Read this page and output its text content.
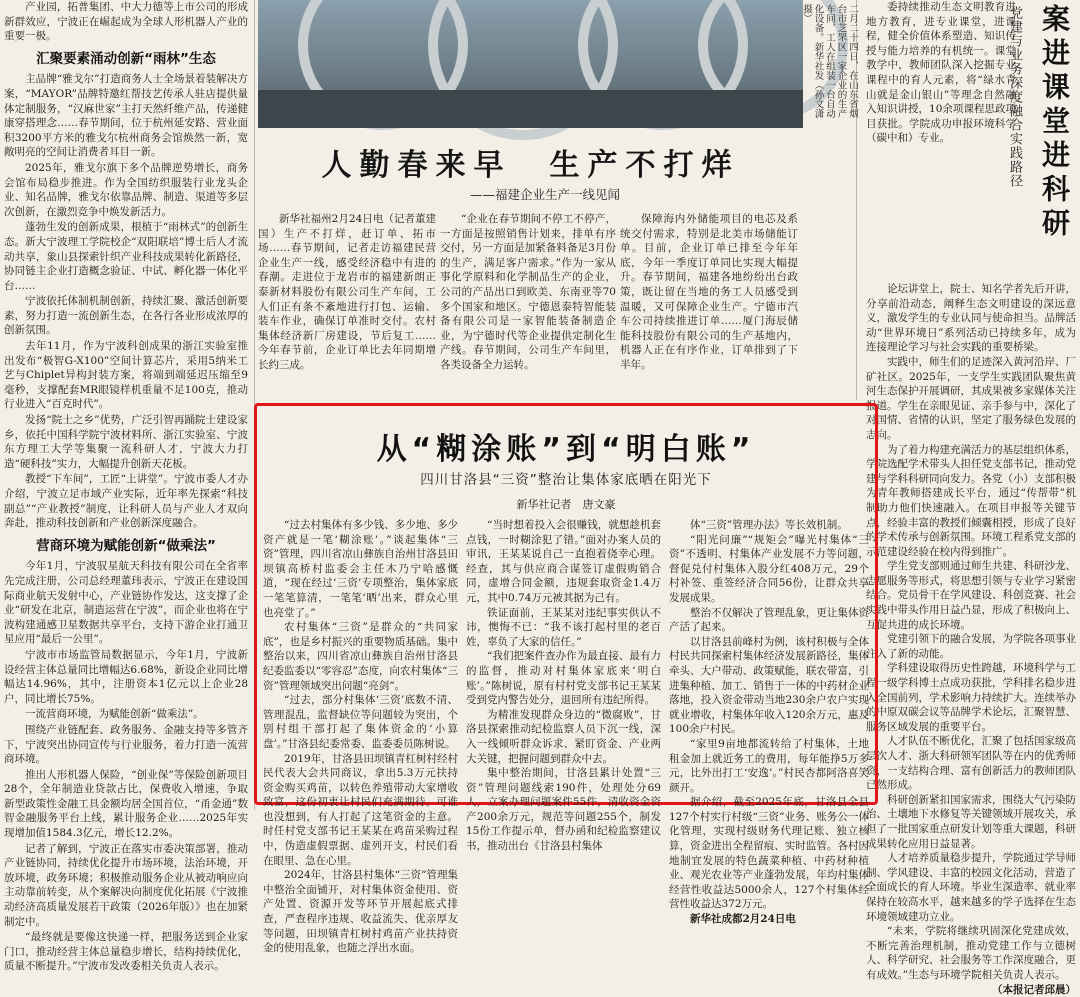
产业园，拓普集团、中大力德等上市公司的形成新群效应，宁波正在崛起成为全球人形机器人产业的重要一极。

汇聚要素涌动创新“雨林”生态

主品牌“雅戈尔”打造商务人士全场景着装解决方案，“MAYOR”品牌特邀红帮技艺传承人驻店提供量体定制服务，“汉麻世家”主打天然纤维产品，传递健康穿搭理念……春节期间，位于杭州延安路、营业面积3200平方米的雅戈尔杭州商务会馆焕然一新，宽敞明亮的空间让消费者耳目一新。

2025年，雅戈尔旗下多个品牌逆势增长，商务会馆布局稳步推进。作为全国纺织服装行业龙头企业、知名品牌，雅戈尔依靠品牌、制造、渠道等多层次创新，在激烈竞争中焕发新活力。

蓬勃生发的创新成果，根植于“雨林式”的创新生态。新大宁波理工学院校企“双阳联培”博士后人才流动共享，象山县探索针织产业科技成果转化新路径，协同链主企业打造概念验证、中试、孵化器一体化平台……

宁波依托体制机制创新，持续汇聚、激活创新要素，努力打造一流创新生态，在各行各业形成浓厚的创新氛围。

去年11月，作为宁波科创成果的浙江实验室推出发布“极智G-X100”空间计算芯片，采用5纳米工艺与Chiplet异构封装方案，将端到端延迟压缩至9毫秒，支撑配套MR眼镜样机重量不足100克，推动行业进入“百克时代”。

发扬“院士之乡”优势，广泛引智再踊院士建设家乡，依托中国科学院宁波材料所、浙江实验室、宁波东方理工大学等集聚一流科研人才，宁波大力打造“硬科技”实力，大幅提升创新天花板。

教授“下车间”，工匠“上讲堂”。宁波市委人才办介绍，宁波立足市域产业实际，近年率先探索“科技副总”“产业教授”制度，让科研人员与产业人才双向奔赴，推动科技创新和产业创新深度融合。

营商环境为赋能创新“做乘法”

今年1月，宁波驭星航天科技有限公司在全省率先完成注册，公司总经理董玮表示，宁波正在建设国际商业航天发射中心，产业链协作发达，这支撑了企业“研发在北京，制造运营在宁波”，而企业也将在宁波构建通感卫星数据共享平台，支持下游企业打通卫星应用“最后一公里”。

宁波市市场监管局数据显示，今年1月，宁波新设经营主体总量同比增幅达6.68%，新设企业同比增幅达14.96%，其中，注册资本1亿元以上企业28户，同比增长75%。

一流营商环境，为赋能创新“做乘法”。

围绕产业链配套、政务服务、金融支持等多管齐下，宁波突出协同宣传与行业服务，着力打造一流营商环境。

推出人形机器人保险，“创业保”等保险创新项目28个，全年制造业贷款占比，保费收入增速，争取新型政策性金融工具金额均居全国首位，“甬金通”数智金融服务平台上线，累计服务企业……2025年实现增加值1584.3亿元，增长12.2%。

记者了解到，宁波正在落实市委决策部署，推动产业链协同，持续优化提升市场环境，法治环境，开放环境，政务环境；积极推动服务企业从被动响应向主动靠前转变，从个案解决向制度优化拓展《宁波推动经济高质量发展若干政策（2026年版）》也在加紧制定中。

“最终就是要像这快递一样，把服务送到企业家门口，推动经营主体总量稳步增长，结构持续优化，质量不断提升。”宁波市发改委相关负责人表示。

二月二十四日，在山东省烟台市芝罘区一家企业的生产车间，工人在组装一台自动化设备。新华社发（孙文潇摄）
人勤春来早　生产不打烊
——福建企业生产一线见闻

新华社福州2月24日电（记者董建国）生产不打烊，赶订单、拓市场……春节期间，记者走访福建民营企业生产一线，感受经济稳中有进的春潮。走进位于龙岩市的福建新朗正泰新材料股份有限公司生产车间，工人们正有条不紊地进行打包、运输、装车作业，确保订单准时交付。农村集体经济新厂房建设，节后复工……今年春节前，企业订单比去年同期增长约三成。

“企业在春节期间不停工不停产，一方面是按照销售计划来，排单有序交付，另一方面是加紧备料备足3月份的生产，满足客户需求。”作为一家从事化学原料和化学制品生产的企业，公司的产品出口到欧美、东南亚等70多个国家和地区。宁德恩泰特智能装备有限公司是一家智能装备制造企业，为宁德时代等企业提供定制化生产线。春节期间，公司生产车间里，各类设备全力运转。

保障海内外储能项目的电芯及系统交付需求，特别是北美市场储能订单。目前，企业订单已排至今年年底，今年一季度订单同比实现大幅提升。春节期间，福建各地纷纷出台政策，既让留在当地的务工人员感受到温暖，又可保障企业生产。宁德市汽车公司持续推进订单……厦门海辰储能科技股份有限公司的生产基地内，机器人正在有序作业，订单排到了下半年。

委持续推动生态文明教育进地方教育，进专业课堂，进课程，健全价值体系塑造、知识传授与能力培养的有机统一。课堂教学中，教师团队深入挖掘专业课程中的育人元素，将“绿水青山就是金山银山”等理念自然融入知识讲授，10余项课程思政项目获批。学院成功申报环境科学（碳中和）专业。	党建与业务深度融合实践路径 案进课堂进科研

论坛讲堂上，院士、知名学者先后开讲，分享前沿动态，阐释生态文明建设的深远意义，激发学生的专业认同与使命担当。品牌活动“世界环境日”系列活动已持续多年，成为连接理论学习与社会实践的重要桥梁。

实践中，师生们的足迹深入黄河沿岸、厂矿社区。2025年，一支学生实践团队聚焦黄河生态保护开展调研，其成果被多家媒体关注报道。学生在亲眼见证、亲手参与中，深化了对国情、省情的认识，坚定了服务绿色发展的志向。

为了着力构建充满活力的基层组织体系，学院选配学术带头人担任党支部书记，推动党建与学科科研同向发力。各党（小）支部积极为青年教师搭建成长平台，通过“传帮带”机制助力他们快速融入。在项目申报等关键节点，经验丰富的教授们倾囊相授，形成了良好的学术传承与创新氛围。环境工程系党支部的示范建设经验在校内得到推广。

学生党支部则通过师生共建、科研沙龙、志愿服务等形式，将思想引领与专业学习紧密结合。党员骨干在学风建设、科创竞赛、社会实践中带头作用日益凸显，形成了积极向上、互促共进的成长环境。

党建引领下的融合发展，为学院各项事业注入了新的动能。

学科建设取得历史性跨越，环境科学与工程一级学科博士点成功获批，学科排名稳步进入全国前列，学术影响力持续扩大。连续举办的中原双碳会议等品牌学术论坛，汇聚智慧、服务区域发展的重要平台。

人才队伍不断优化，汇聚了包括国家级高层次人才、浙大科研领军团队等在内的优秀师资，一支结构合理、富有创新活力的教师团队已然形成。

科研创新紧扣国家需求，围绕大气污染防治、土壤地下水修复等关键领域开展攻关，承担了一批国家重点研发计划等重大课题，科研成果转化应用日益显著。

人才培养质量稳步提升，学院通过学导师制、学风建设、丰富的校园文化活动，营造了全面成长的育人环境。毕业生深造率、就业率保持在较高水平，越来越多的学子选择在生态环境领域建功立业。

“未来，学院将继续巩固深化党建成效，不断完善治理机制，推动党建工作与立德树人、科学研究、社会服务等工作深度融合，更有成效。”生态与环境学院相关负责人表示。

（本报记者邱晨）

从“糊涂账”到“明白账”
四川甘洛县“三资”整治让集体家底晒在阳光下
新华社记者　唐文豪

“过去村集体有多少钱、多少地、多少资产就是一笔‘糊涂账’。”谈起集体“三资”管理，四川省凉山彝族自治州甘洛县田坝镇高桥村监委会主任木乃宁哈感慨道，“现在经过‘三资’专项整治，集体家底一笔笔算清，一笔笔‘晒’出来，群众心里也亮堂了。”

农村集体“三资”是群众的“共同家底”，也是乡村振兴的重要物质基础。集中整治以来，四川省凉山彝族自治州甘洛县纪委监委以“零容忍”态度，向农村集体“三资”管理领域突出问题“亮剑”。

“过去，部分村集体‘三资’底数不清、管理混乱，监督缺位等问题较为突出，个别村组干部打起了集体资金的‘小算盘’。”甘洛县纪委常委、监委委员陈树说。

2019年，甘洛县田坝镇青杠树村经村民代表大会共同商议，拿出5.3万元扶持资金购买鸡苗，以转色养殖带动大家增收致富，这份初衷让村民们充满期待。可谁也没想到，有人打起了这笔资金的主意。时任村党支部书记王某某在鸡苗采购过程中，伪造虚假票据、虚列开支，村民们看在眼里、急在心里。

2024年，甘洛县村集体“三资”管理集中整治全面铺开，对村集体资金使用、资产处置、资源开发等环节开展起底式排查，严查程序违规、收益流失、优亲厚友等问题，田坝镇青杠树村鸡苗产业扶持资金的使用乱象，也随之浮出水面。

“当时想着投入会很赚钱，就想趁机套点钱，一时糊涂犯了错。”面对办案人员的审讯，王某某说自己一直抱着侥幸心理。经查，其与供应商合谋签订虚假购销合同，虚增合同金额，违规套取资金1.4万元，其中0.74万元被其据为己有。

铁证面前，王某某对违纪事实供认不讳，懊悔不已：“我不该打起村里的老百姓，辜负了大家的信任。”

“我们把案件查办作为最直接、最有力的监督，推动对村集体家底来‘明白账’。”陈树说，原有村村党支部书记王某某受到党内警告处分，退回所有违纪所得。

为精准发现群众身边的“微腐败”，甘洛县探索推动纪检监察人员下沉一线，深入一线倾听群众诉求、紧盯资金、产业两大关键，把握问题到群众中去。

集中整治期间，甘洛县累计处置“三资”管理问题线索190件，处理处分69人，立案办理问题案件55件，清收资金资产200余万元，规范等问题255个，制发15份工作提示单，督办函和纪检监察建议书，推动出台《甘洛县村集体

体“三资”管理办法》等长效机制。

“阳光问廉”“规矩会”曝光村集体“三资”不透明、村集体产业发展不力等问题，督促兑付村集体入股分红408万元，29个村补签、重签经济合同56份，让群众共享发展成果。

整治不仅解决了管理乱象，更让集体资产活了起来。

以甘洛县前峰村为例，该村积极与全体村民共同探索村集体经济发展新路径，集体牵头、大户带动、政策赋能，联农带富，引进集种植、加工、销售于一体的中药材企业落地，投入资金带动当地230余户农户实现就业增收，村集体年收入120余万元，惠及100余户村民。

“家里9亩地都流转给了村集体，土地租金加上就近务工的费用，每年能挣5万多元，比外出打工‘安逸’。”村民杏都阿洛喜笑颜开。

据介绍，截至2025年底，甘洛县全县127个村实行村级“三资”业务、账务公一体化管理，实现村级财务代理记账、独立核算，资金进出全程留痕、实时监管。各村因地制宜发展的特色蔬菜种植、中药材种植业、观光农业等产业蓬勃发展，年均村集体经营性收益达5000余人，127个村集体经营性收益达372万元。

新华社成都2月24日电
